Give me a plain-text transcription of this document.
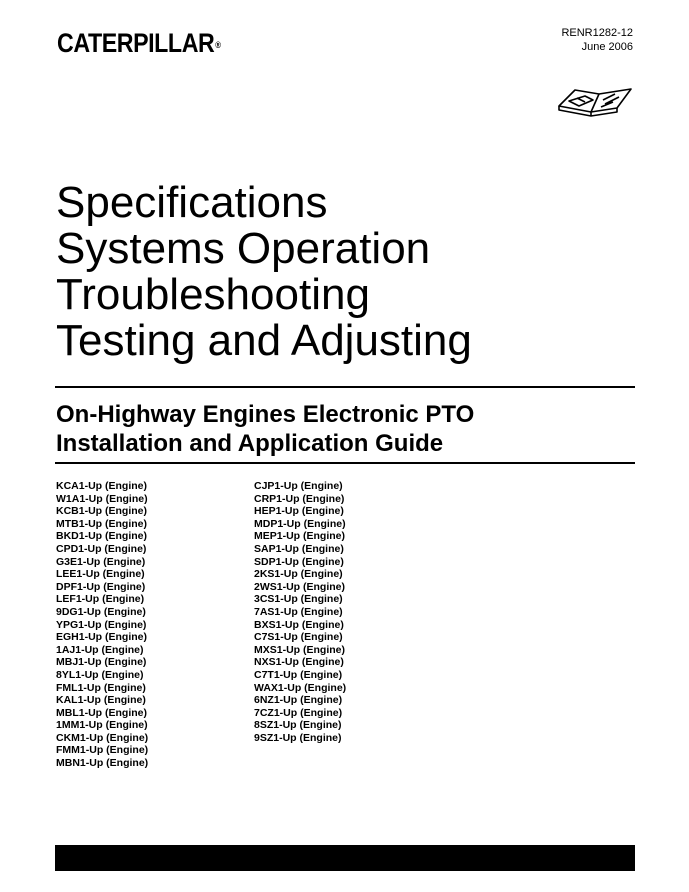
CATERPILLAR®
RENR1282-12
June 2006
Specifications
Systems Operation
Troubleshooting
Testing and Adjusting
On-Highway Engines Electronic PTO
Installation and Application Guide
KCA1-Up (Engine)
W1A1-Up (Engine)
KCB1-Up (Engine)
MTB1-Up (Engine)
BKD1-Up (Engine)
CPD1-Up (Engine)
G3E1-Up (Engine)
LEE1-Up (Engine)
DPF1-Up (Engine)
LEF1-Up (Engine)
9DG1-Up (Engine)
YPG1-Up (Engine)
EGH1-Up (Engine)
1AJ1-Up (Engine)
MBJ1-Up (Engine)
8YL1-Up (Engine)
FML1-Up (Engine)
KAL1-Up (Engine)
MBL1-Up (Engine)
1MM1-Up (Engine)
CKM1-Up (Engine)
FMM1-Up (Engine)
MBN1-Up (Engine)
CJP1-Up (Engine)
CRP1-Up (Engine)
HEP1-Up (Engine)
MDP1-Up (Engine)
MEP1-Up (Engine)
SAP1-Up (Engine)
SDP1-Up (Engine)
2KS1-Up (Engine)
2WS1-Up (Engine)
3CS1-Up (Engine)
7AS1-Up (Engine)
BXS1-Up (Engine)
C7S1-Up (Engine)
MXS1-Up (Engine)
NXS1-Up (Engine)
C7T1-Up (Engine)
WAX1-Up (Engine)
6NZ1-Up (Engine)
7CZ1-Up (Engine)
8SZ1-Up (Engine)
9SZ1-Up (Engine)
